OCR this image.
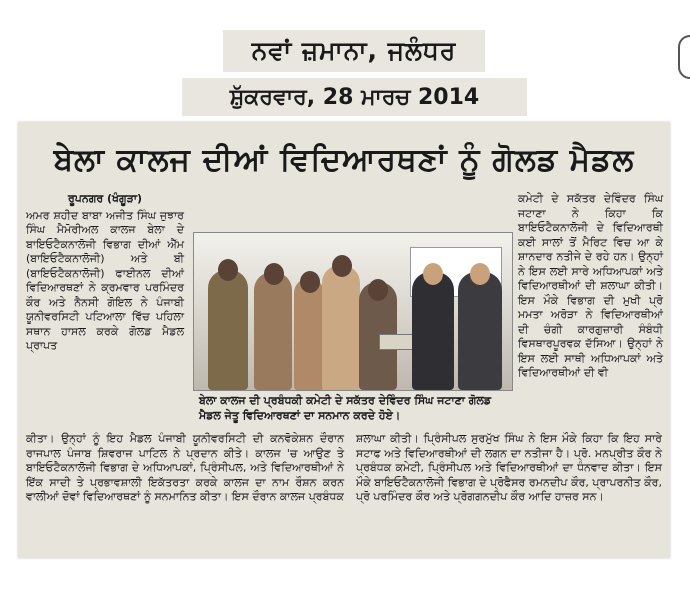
ਨਵਾਂ ਜ਼ਮਾਨਾ, ਜਲੰਧਰ
ਸ਼ੁੱਕਰਵਾਰ, 28 ਮਾਰਚ 2014
ਬੇਲਾ ਕਾਲਜ ਦੀਆਂ ਵਿਦਿਆਰਥਣਾਂ ਨੂੰ ਗੋਲਡ ਮੈਡਲ

ਰੂਪਨਗਰ (ਖੰਗੂੜਾ)

ਅਮਰ ਸ਼ਹੀਦ ਬਾਬਾ ਅਜੀਤ ਸਿੰਘ ਜੁਝਾਰ ਸਿੰਘ ਮੈਮੋਰੀਅਲ ਕਾਲਜ ਬੇਲਾ ਦੇ ਬਾਇਓਟੈਕਨਾਲੋਜੀ ਵਿਭਾਗ ਦੀਆਂ ਐੱਮ (ਬਾਇਓਟੈਕਨਾਲੋਜੀ) ਅਤੇ ਬੀ (ਬਾਇਓਟੈਕਨਾਲੋਜੀ) ਫਾਈਨਲ ਦੀਆਂ ਵਿਦਿਆਰਥਣਾਂ ਨੇ ਕ੍ਰਮਵਾਰ ਪਰਮਿੰਦਰ ਕੌਰ ਅਤੇ ਨੈਨਸੀ ਗੋਇਲ ਨੇ ਪੰਜਾਬੀ ਯੂਨੀਵਰਸਿਟੀ ਪਟਿਆਲਾ ਵਿੱਚ ਪਹਿਲਾ ਸਥਾਨ ਹਾਸਲ ਕਰਕੇ ਗੋਲਡ ਮੈਡਲ ਪ੍ਰਾਪਤ

ਬੇਲਾ ਕਾਲਜ ਦੀ ਪ੍ਰਬੰਧਕੀ ਕਮੇਟੀ ਦੇ ਸਕੱਤਰ ਦੇਵਿੰਦਰ ਸਿੰਘ ਜਟਾਣਾ ਗੋਲਡ ਮੈਡਲ ਜੇਤੂ ਵਿਦਿਆਰਥਣਾਂ ਦਾ ਸਨਮਾਨ ਕਰਦੇ ਹੋਏ।

ਕਮੇਟੀ ਦੇ ਸਕੱਤਰ ਦੇਵਿੰਦਰ ਸਿੰਘ ਜਟਾਣਾ ਨੇ ਕਿਹਾ ਕਿ ਬਾਇਓਟੈਕਨਾਲੋਜੀ ਦੇ ਵਿਦਿਆਰਥੀ ਕਈ ਸਾਲਾਂ ਤੋਂ ਮੈਰਿਟ ਵਿਚ ਆ ਕੇ ਸ਼ਾਨਦਾਰ ਨਤੀਜੇ ਦੇ ਰਹੇ ਹਨ। ਉਨ੍ਹਾਂ ਨੇ ਇਸ ਲਈ ਸਾਰੇ ਅਧਿਆਪਕਾਂ ਅਤੇ ਵਿਦਿਆਰਥੀਆਂ ਦੀ ਸ਼ਲਾਘਾ ਕੀਤੀ। ਇਸ ਮੌਕੇ ਵਿਭਾਗ ਦੀ ਮੁਖੀ ਪ੍ਰੋ ਮਮਤਾ ਅਰੋੜਾ ਨੇ ਵਿਦਿਆਰਥੀਆਂ ਦੀ ਚੰਗੀ ਕਾਰਗੁਜ਼ਾਰੀ ਸੰਬੰਧੀ ਵਿਸਥਾਰਪੂਰਵਕ ਦੱਸਿਆ। ਉਨ੍ਹਾਂ ਨੇ ਇਸ ਲਈ ਸਾਥੀ ਅਧਿਆਪਕਾਂ ਅਤੇ ਵਿਦਿਆਰਥੀਆਂ ਦੀ ਵੀ

ਕੀਤਾ। ਉਨ੍ਹਾਂ ਨੂੰ ਇਹ ਮੈਡਲ ਪੰਜਾਬੀ ਯੂਨੀਵਰਸਿਟੀ ਦੀ ਕਨਵੋਕੇਸ਼ਨ ਦੌਰਾਨ ਰਾਜਪਾਲ ਪੰਜਾਬ ਸ਼ਿਵਰਾਜ ਪਾਟਿਲ ਨੇ ਪ੍ਰਦਾਨ ਕੀਤੇ। ਕਾਲਜ 'ਚ ਆਉਣ ਤੇ ਬਾਇਓਟੈਕਨਾਲੋਜੀ ਵਿਭਾਗ ਦੇ ਅਧਿਆਪਕਾਂ, ਪ੍ਰਿੰਸੀਪਲ, ਅਤੇ ਵਿਦਿਆਰਥੀਆਂ ਨੇ ਇੱਕ ਸਾਦੀ ਤੇ ਪ੍ਰਭਾਵਸ਼ਾਲੀ ਇਕੱਤਰਤਾ ਕਰਕੇ ਕਾਲਜ ਦਾ ਨਾਮ ਰੌਸ਼ਨ ਕਰਨ ਵਾਲੀਆਂ ਦੋਵਾਂ ਵਿਦਿਆਰਥਣਾਂ ਨੂੰ ਸਨਮਾਨਿਤ ਕੀਤਾ। ਇਸ ਦੌਰਾਨ ਕਾਲਜ ਪ੍ਰਬੰਧਕ

ਸ਼ਲਾਘਾ ਕੀਤੀ। ਪ੍ਰਿੰਸੀਪਲ ਸੁਰਮੁੱਖ ਸਿੰਘ ਨੇ ਇਸ ਮੌਕੇ ਕਿਹਾ ਕਿ ਇਹ ਸਾਰੇ ਸਟਾਫ ਅਤੇ ਵਿਦਿਆਰਥੀਆਂ ਦੀ ਲਗਨ ਦਾ ਨਤੀਜਾ ਹੈ। ਪ੍ਰੋ. ਮਨਪ੍ਰੀਤ ਕੌਰ ਨੇ ਪ੍ਰਬੰਧਕ ਕਮੇਟੀ, ਪ੍ਰਿੰਸੀਪਲ ਅਤੇ ਵਿਦਿਆਰਥੀਆਂ ਦਾ ਧੰਨਵਾਦ ਕੀਤਾ। ਇਸ ਮੌਕੇ ਬਾਇਓਟੈਕਨਾਲੋਜੀ ਵਿਭਾਗ ਦੇ ਪ੍ਰੋਫੈਸਰ ਰਮਨਦੀਪ ਕੌਰ, ਪ੍ਰਾਪਰਨੀਤ ਕੌਰ, ਪ੍ਰੋ ਪਰਮਿੰਦਰ ਕੌਰ ਅਤੇ ਪ੍ਰੋਗਗਨਦੀਪ ਕੌਰ ਆਦਿ ਹਾਜ਼ਰ ਸਨ।
